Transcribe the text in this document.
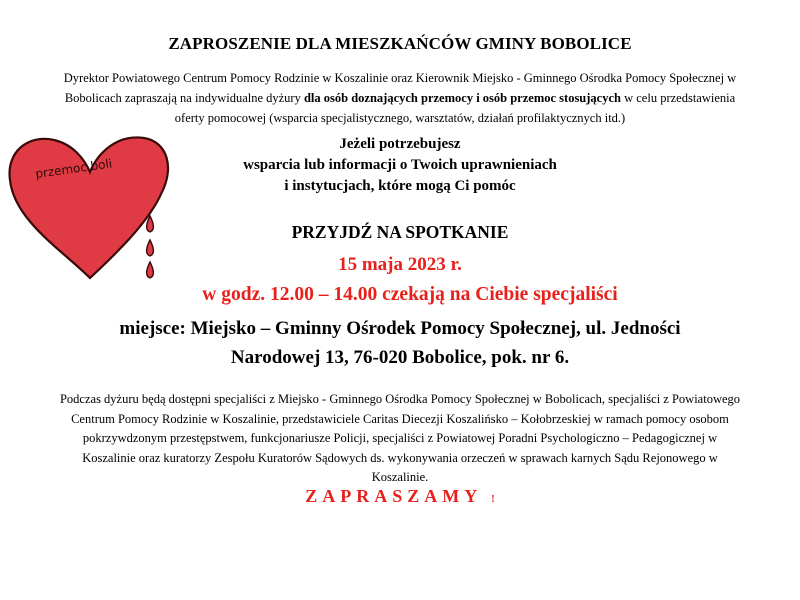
ZAPROSZENIE DLA MIESZKAŃCÓW GMINY BOBOLICE
Dyrektor Powiatowego Centrum Pomocy Rodzinie w Koszalinie oraz Kierownik Miejsko - Gminnego Ośrodka Pomocy Społecznej w Bobolicach zapraszają na indywidualne dyżury dla osób doznających przemocy i osób przemoc stosujących w celu przedstawienia oferty pomocowej (wsparcia specjalistycznego, warsztatów, działań profilaktycznych itd.)
przemoc boli
Jeżeli potrzebujesz
wsparcia lub informacji o Twoich uprawnieniach
i instytucjach, które mogą Ci pomóc
PRZYJDŹ NA SPOTKANIE
15 maja 2023 r.
w godz. 12.00 – 14.00 czekają na Ciebie specjaliści
miejsce: Miejsko – Gminny Ośrodek Pomocy Społecznej, ul. Jedności
Narodowej 13, 76-020 Bobolice, pok. nr 6.
Podczas dyżuru będą dostępni specjaliści z Miejsko - Gminnego Ośrodka Pomocy Społecznej w Bobolicach, specjaliści z Powiatowego Centrum Pomocy Rodzinie w Koszalinie, przedstawiciele Caritas Diecezji Koszalińsko – Kołobrzeskiej w ramach pomocy osobom pokrzywdzonym przestępstwem, funkcjonariusze Policji, specjaliści z Powiatowej Poradni Psychologiczno – Pedagogicznej w Koszalinie oraz kuratorzy Zespołu Kuratorów Sądowych ds. wykonywania orzeczeń w sprawach karnych Sądu Rejonowego w Koszalinie.
ZAPRASZAMY !
